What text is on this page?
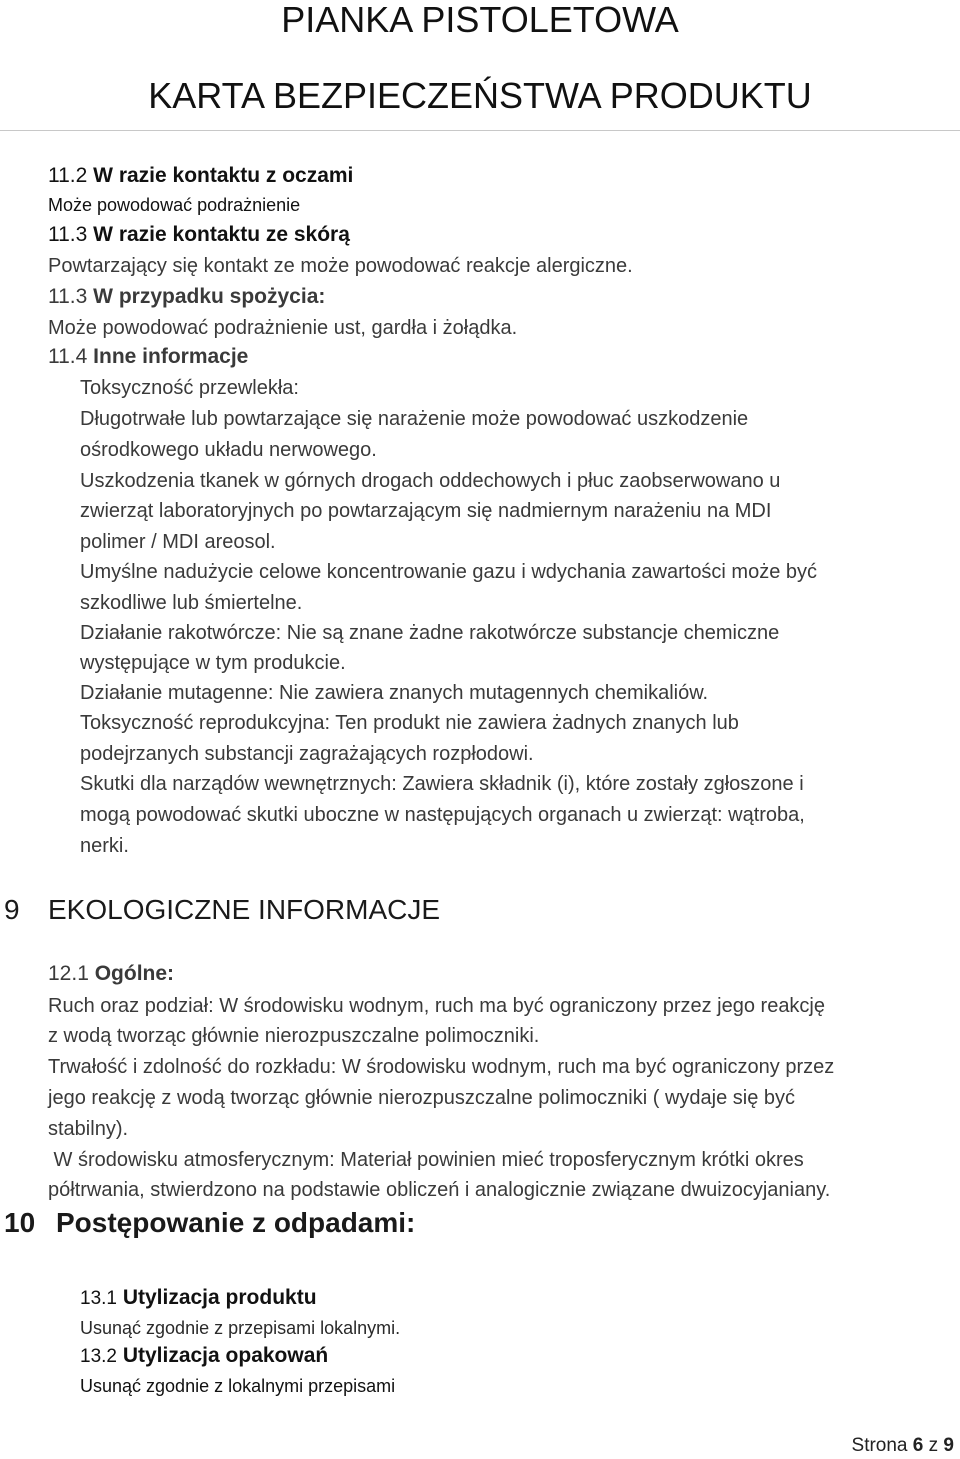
PIANKA PISTOLETOWA
KARTA BEZPIECZEŃSTWA PRODUKTU
11.2 W razie kontaktu z oczami
Może powodować podrażnienie
11.3 W razie kontaktu ze skórą
Powtarzający się kontakt ze może powodować reakcje alergiczne.
11.3 W przypadku spożycia:
Może powodować podrażnienie ust, gardła i żołądka.
11.4 Inne informacje
Toksyczność przewlekła:
Długotrwałe lub powtarzające się narażenie może powodować uszkodzenie
ośrodkowego układu nerwowego.
Uszkodzenia tkanek w górnych drogach oddechowych i płuc zaobserwowano u
zwierząt laboratoryjnych po powtarzającym się nadmiernym narażeniu na MDI
polimer / MDI areosol.
Umyślne nadużycie celowe koncentrowanie gazu i wdychania zawartości może być
szkodliwe lub śmiertelne.
Działanie rakotwórcze: Nie są znane żadne rakotwórcze substancje chemiczne
występujące w tym produkcie.
Działanie mutagenne: Nie zawiera znanych mutagennych chemikaliów.
Toksyczność reprodukcyjna: Ten produkt nie zawiera żadnych znanych lub
podejrzanych substancji zagrażających rozpłodowi.
Skutki dla narządów wewnętrznych: Zawiera składnik (i), które zostały zgłoszone i
mogą powodować skutki uboczne w następujących organach u zwierząt: wątroba,
nerki.
9 EKOLOGICZNE INFORMACJE
12.1 Ogólne:
Ruch oraz podział: W środowisku wodnym, ruch ma być ograniczony przez jego reakcję
z wodą tworząc głównie nierozpuszczalne polimoczniki.
Trwałość i zdolność do rozkładu: W środowisku wodnym, ruch ma być ograniczony przez
jego reakcję z wodą tworząc głównie nierozpuszczalne polimoczniki ( wydaje się być
stabilny).
W środowisku atmosferycznym: Materiał powinien mieć troposferycznym krótki okres
półtrwania, stwierdzono na podstawie obliczeń i analogicznie związane dwuizocyjaniany.
10 Postępowanie z odpadami:
13.1 Utylizacja produktu
Usunąć zgodnie z przepisami lokalnymi.
13.2 Utylizacja opakowań
Usunąć zgodnie z lokalnymi przepisami
Strona 6 z 9
